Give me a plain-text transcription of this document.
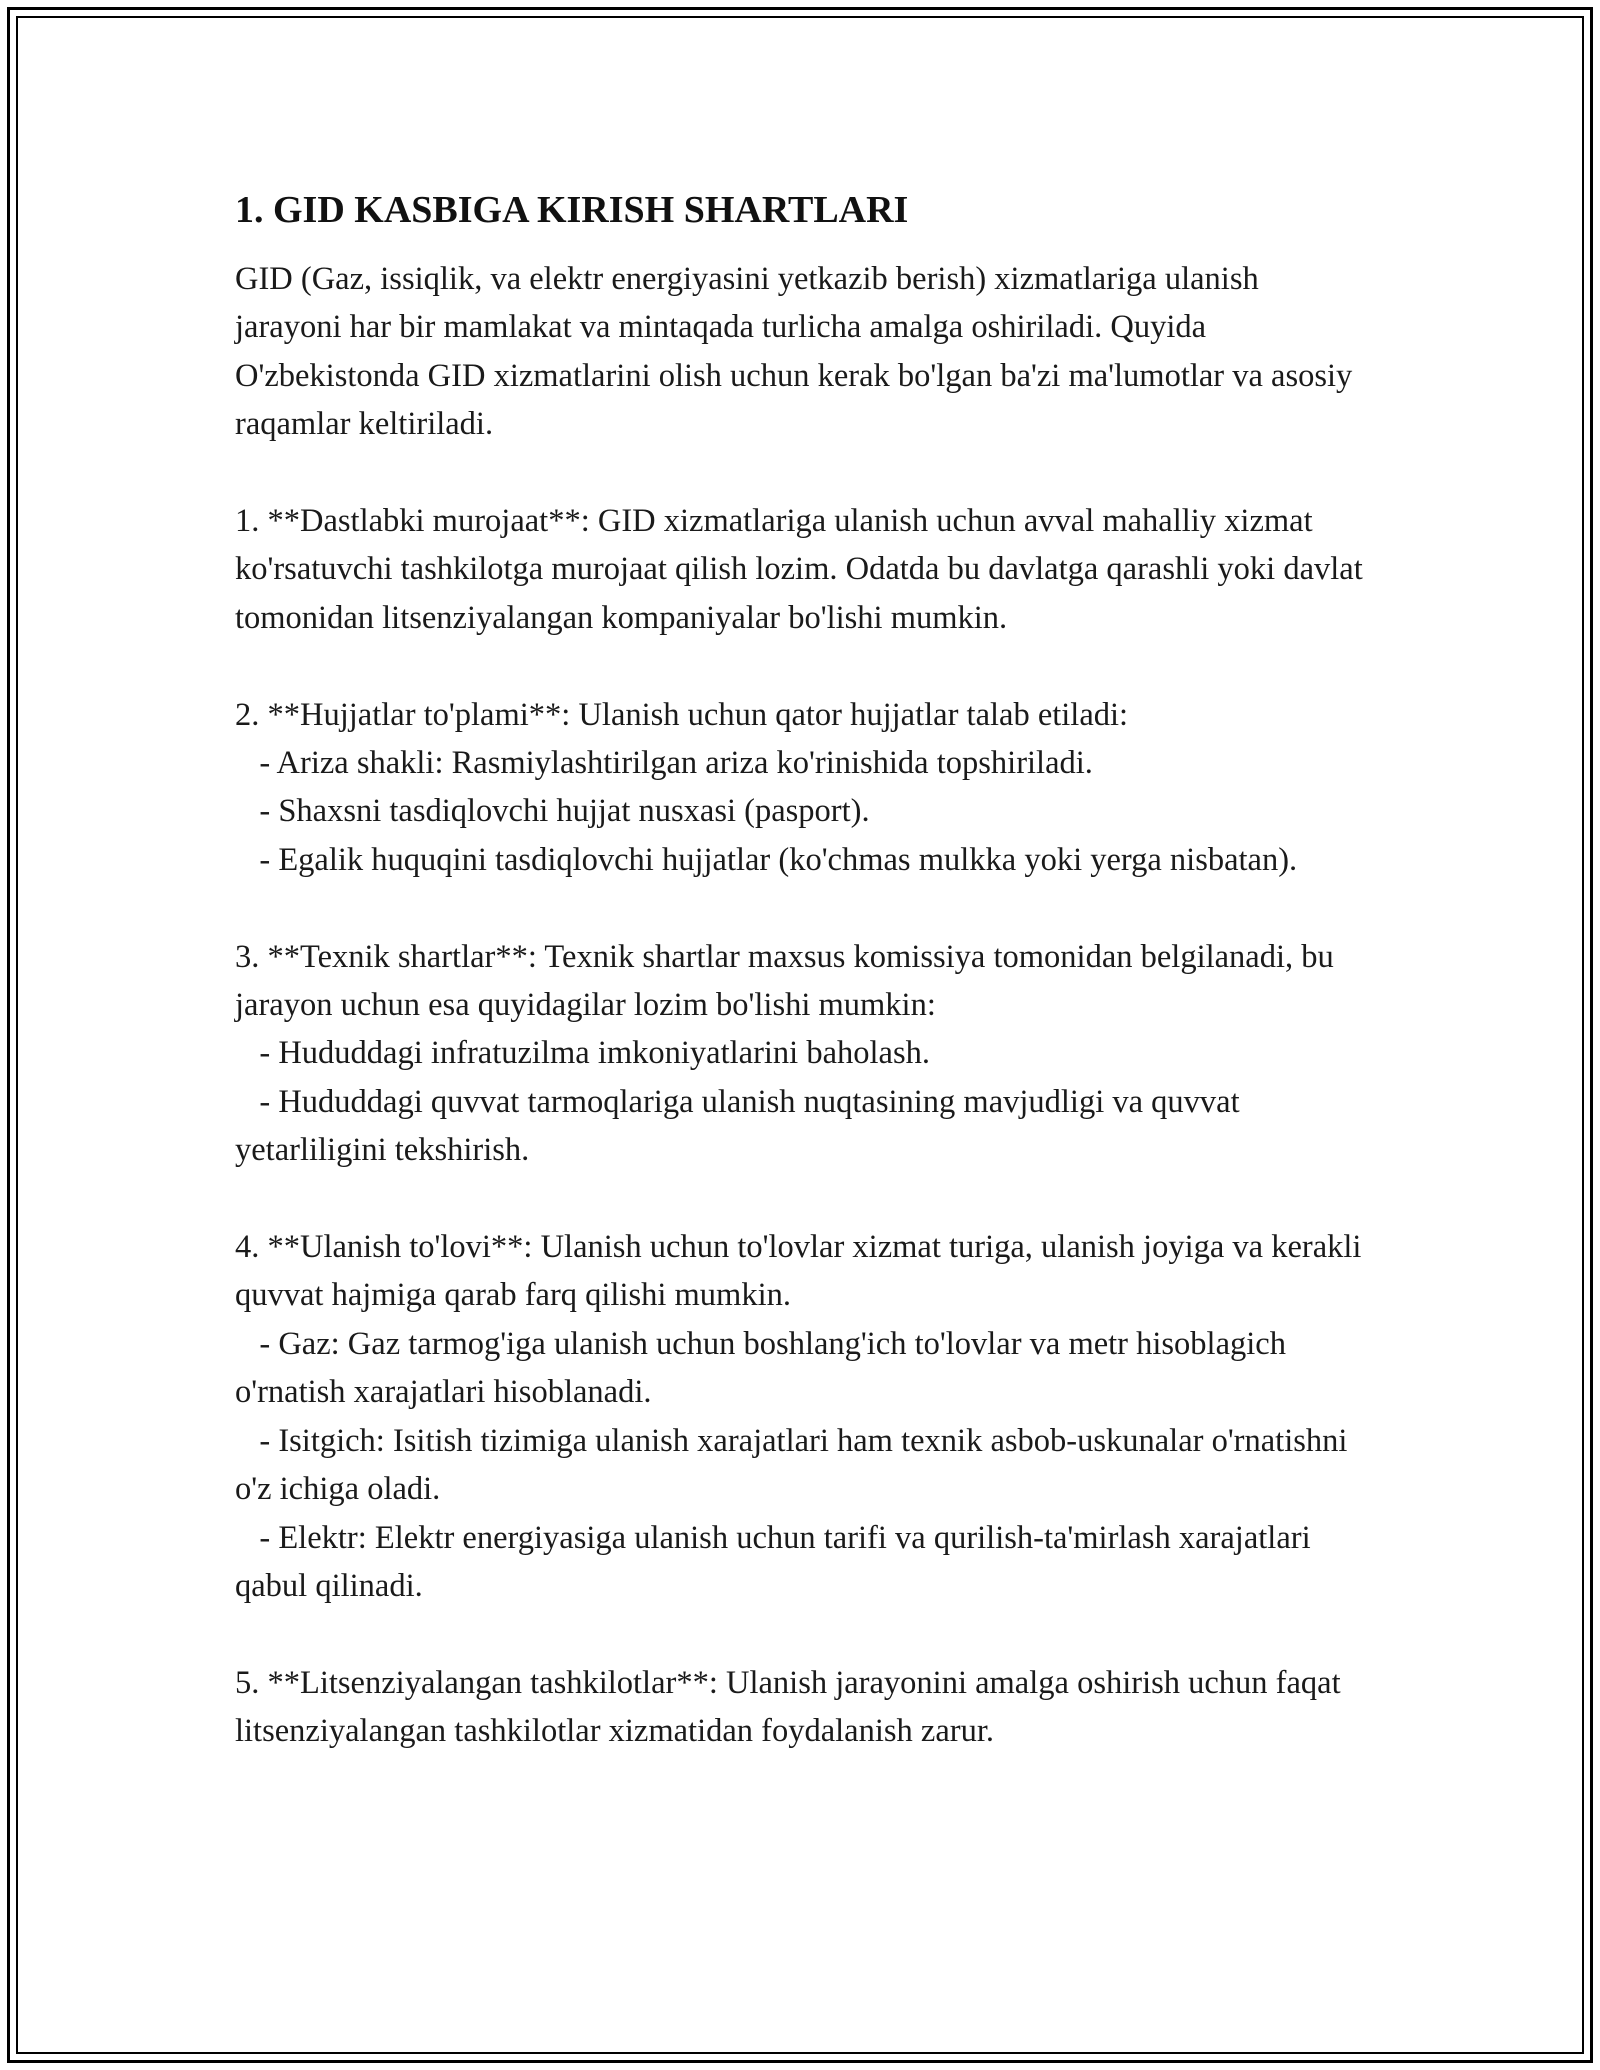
1. GID KASBIGA KIRISH SHARTLARI

GID (Gaz, issiqlik, va elektr energiyasini yetkazib berish) xizmatlariga ulanish jarayoni har bir mamlakat va mintaqada turlicha amalga oshiriladi. Quyida O'zbekistonda GID xizmatlarini olish uchun kerak bo'lgan ba'zi ma'lumotlar va asosiy raqamlar keltiriladi.

1. **Dastlabki murojaat**: GID xizmatlariga ulanish uchun avval mahalliy xizmat ko'rsatuvchi tashkilotga murojaat qilish lozim. Odatda bu davlatga qarashli yoki davlat tomonidan litsenziyalangan kompaniyalar bo'lishi mumkin.

2. **Hujjatlar to'plami**: Ulanish uchun qator hujjatlar talab etiladi:

- Ariza shakli: Rasmiylashtirilgan ariza ko'rinishida topshiriladi.

- Shaxsni tasdiqlovchi hujjat nusxasi (pasport).

- Egalik huquqini tasdiqlovchi hujjatlar (ko'chmas mulkka yoki yerga nisbatan).

3. **Texnik shartlar**: Texnik shartlar maxsus komissiya tomonidan belgilanadi, bu jarayon uchun esa quyidagilar lozim bo'lishi mumkin:

- Hududdagi infratuzilma imkoniyatlarini baholash.

- Hududdagi quvvat tarmoqlariga ulanish nuqtasining mavjudligi va quvvat yetarliligini tekshirish.

4. **Ulanish to'lovi**: Ulanish uchun to'lovlar xizmat turiga, ulanish joyiga va kerakli quvvat hajmiga qarab farq qilishi mumkin.

- Gaz: Gaz tarmog'iga ulanish uchun boshlang'ich to'lovlar va metr hisoblagich o'rnatish xarajatlari hisoblanadi.

- Isitgich: Isitish tizimiga ulanish xarajatlari ham texnik asbob-uskunalar o'rnatishni o'z ichiga oladi.

- Elektr: Elektr energiyasiga ulanish uchun tarifi va qurilish-ta'mirlash xarajatlari qabul qilinadi.

5. **Litsenziyalangan tashkilotlar**: Ulanish jarayonini amalga oshirish uchun faqat litsenziyalangan tashkilotlar xizmatidan foydalanish zarur.
